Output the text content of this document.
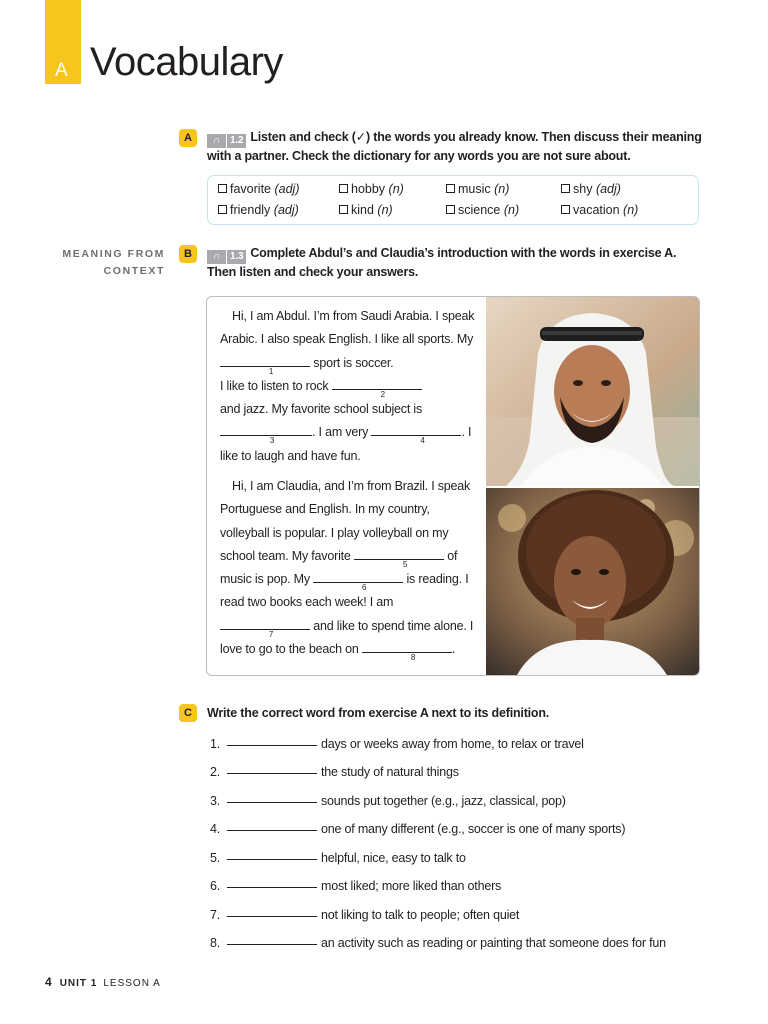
A Vocabulary
A	∩ 1.2 Listen and check (✓) the words you already know. Then discuss their meaning with a partner. Check the dictionary for any words you are not sure about.
favorite (adj)	hobby (n)	music (n)	shy (adj)
friendly (adj)	kind (n)	science (n)	vacation (n)
MEANING FROM
CONTEXT
B	∩ 1.3 Complete Abdul’s and Claudia’s introduction with the words in exercise A. Then listen and check your answers.
Hi, I am Abdul. I’m from Saudi Arabia. I speak Arabic. I also speak English. I like all sports. My
1
sport is soccer.
I like to listen to rock
2

and jazz. My favorite school subject is

3
. I am very
4
. I like to laugh and have fun.
Hi, I am Claudia, and I’m from Brazil. I speak Portuguese and English. In my country, volleyball is popular. I play volleyball on my school team. My favorite
5
of music is pop. My
6
is reading. I read two books each week! I am

7
and like to spend time alone. I love to go to the beach on
8
.
C	Write the correct word from exercise A next to its definition.
1.	days or weeks away from home, to relax or travel
2.	the study of natural things
3.	sounds put together (e.g., jazz, classical, pop)
4.	one of many different (e.g., soccer is one of many sports)
5.	helpful, nice, easy to talk to
6.	most liked; more liked than others
7.	not liking to talk to people; often quiet
8.	an activity such as reading or painting that someone does for fun
4 UNIT 1 LESSON A
